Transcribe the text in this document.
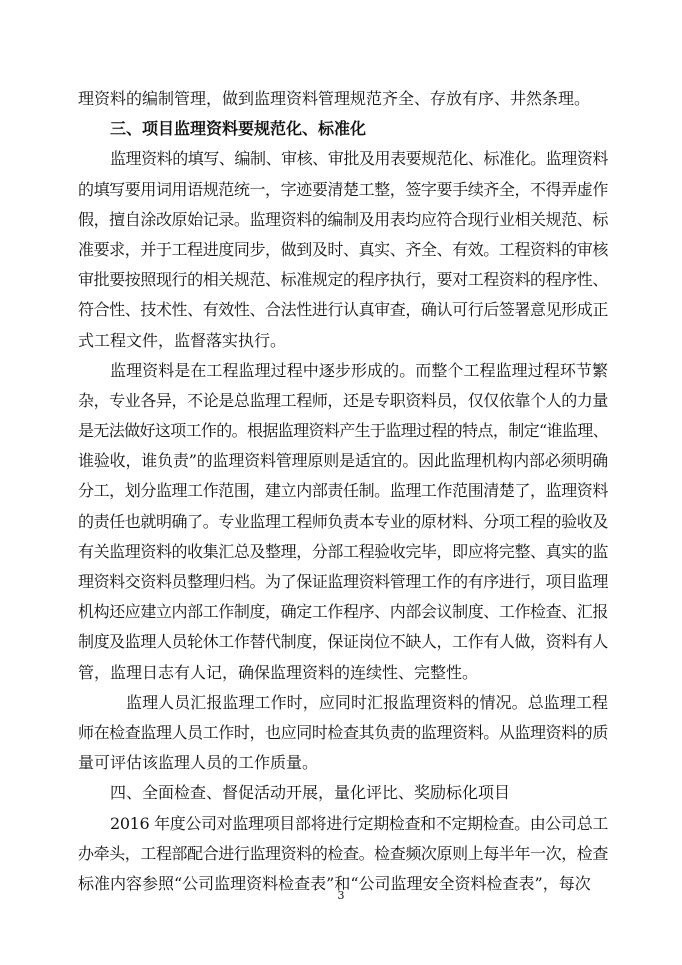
理资料的编制管理，做到监理资料管理规范齐全、存放有序、井然条理。
三、项目监理资料要规范化、标准化
监理资料的填写、编制、审核、审批及用表要规范化、标准化。监理资料
的填写要用词用语规范统一，字迹要清楚工整，签字要手续齐全，不得弄虚作
假，擅自涂改原始记录。监理资料的编制及用表均应符合现行业相关规范、标
准要求，并于工程进度同步，做到及时、真实、齐全、有效。工程资料的审核
审批要按照现行的相关规范、标准规定的程序执行，要对工程资料的程序性、
符合性、技术性、有效性、合法性进行认真审查，确认可行后签署意见形成正
式工程文件，监督落实执行。
监理资料是在工程监理过程中逐步形成的。而整个工程监理过程环节繁
杂，专业各异，不论是总监理工程师，还是专职资料员，仅仅依靠个人的力量
是无法做好这项工作的。根据监理资料产生于监理过程的特点，制定“谁监理、
谁验收，谁负责”的监理资料管理原则是适宜的。因此监理机构内部必须明确
分工，划分监理工作范围，建立内部责任制。监理工作范围清楚了，监理资料
的责任也就明确了。专业监理工程师负责本专业的原材料、分项工程的验收及
有关监理资料的收集汇总及整理，分部工程验收完毕，即应将完整、真实的监
理资料交资料员整理归档。为了保证监理资料管理工作的有序进行，项目监理
机构还应建立内部工作制度，确定工作程序、内部会议制度、工作检查、汇报
制度及监理人员轮休工作替代制度，保证岗位不缺人，工作有人做，资料有人
管，监理日志有人记，确保监理资料的连续性、完整性。
监理人员汇报监理工作时，应同时汇报监理资料的情况。总监理工程
师在检查监理人员工作时，也应同时检查其负责的监理资料。从监理资料的质
量可评估该监理人员的工作质量。
四、全面检查、督促活动开展，量化评比、奖励标化项目
2016 年度公司对监理项目部将进行定期检查和不定期检查。由公司总工
办牵头，工程部配合进行监理资料的检查。检查频次原则上每半年一次，检查
标准内容参照“公司监理资料检查表”和“公司监理安全资料检查表”，每次
3
